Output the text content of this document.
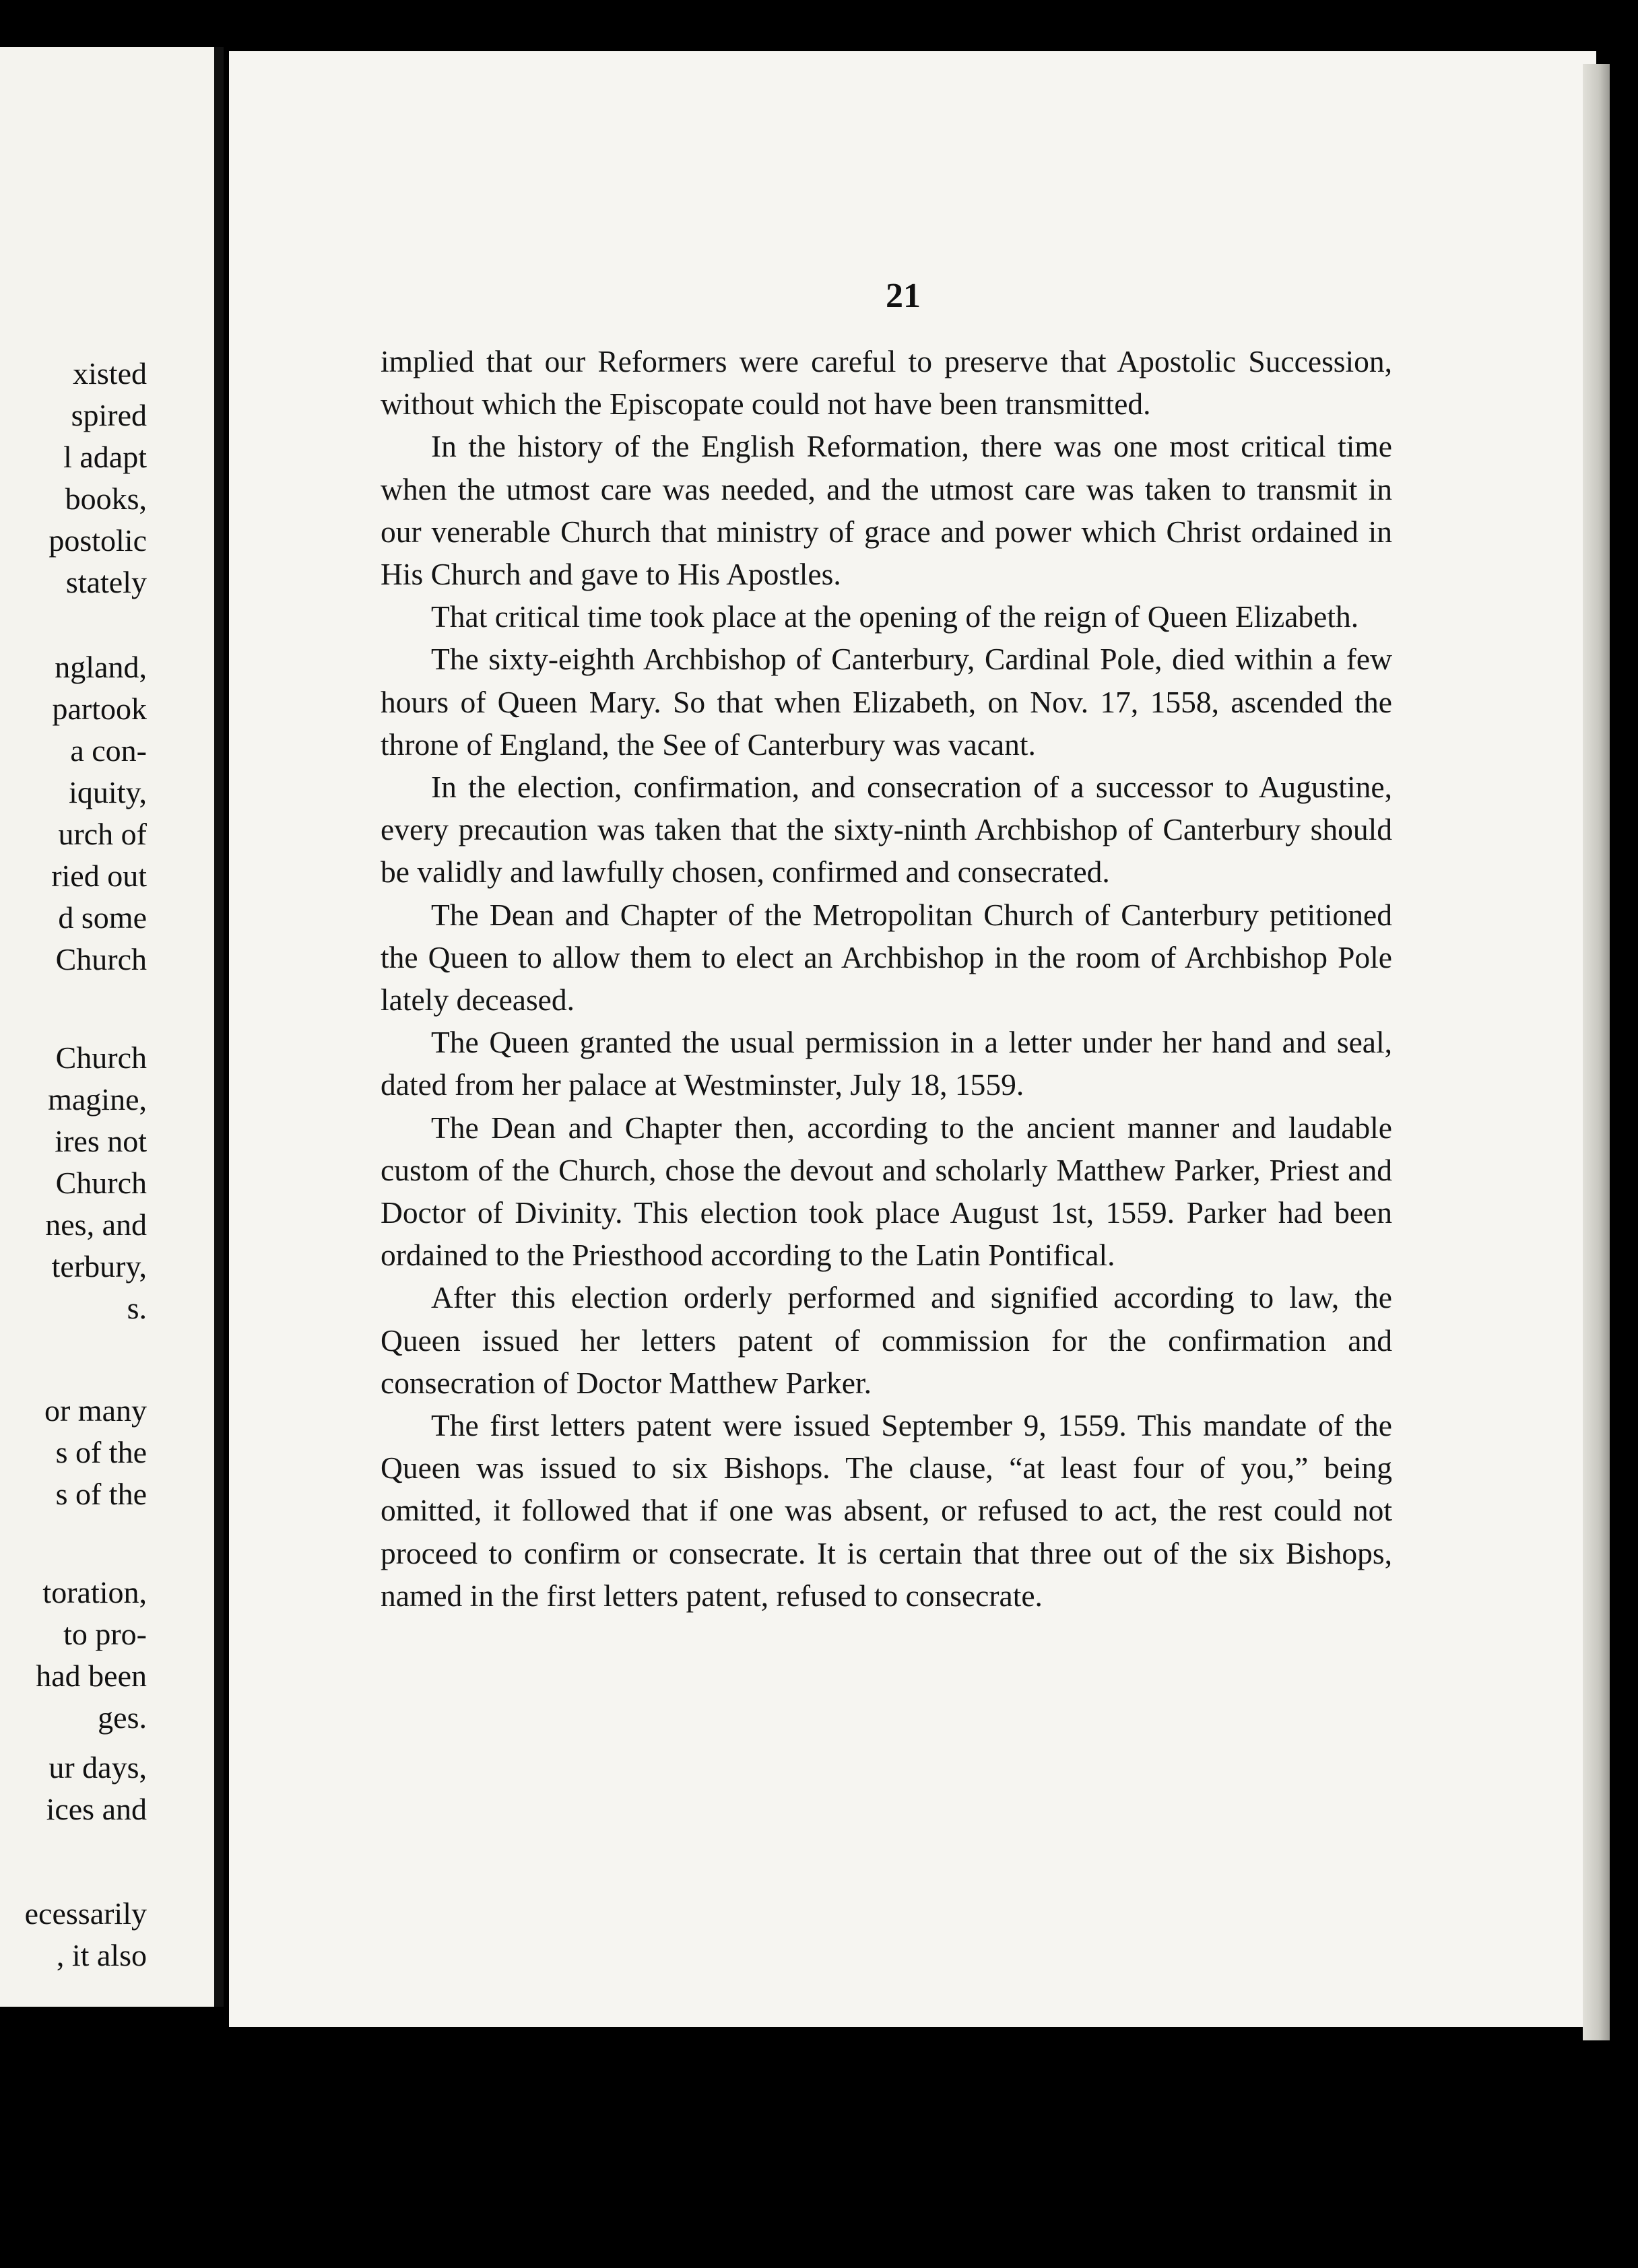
xisted
spired
l adapt
books,
postolic
stately
ngland,
partook
a con-
iquity,
urch of
ried out
d some
Church
Church
magine,
ires not
Church
nes, and
terbury,
s.
or many
s of the
s of the
toration,
to pro-
had been
ges.
ur days,
ices and
ecessarily
, it also
21

implied that our Reformers were careful to preserve that Apostolic Succession, without which the Episcopate could not have been transmitted.

In the history of the English Reformation, there was one most critical time when the utmost care was needed, and the utmost care was taken to transmit in our venerable Church that ministry of grace and power which Christ ordained in His Church and gave to His Apostles.

That critical time took place at the opening of the reign of Queen Elizabeth.

The sixty-eighth Archbishop of Canterbury, Cardinal Pole, died within a few hours of Queen Mary. So that when Elizabeth, on Nov. 17, 1558, ascended the throne of England, the See of Canterbury was vacant.

In the election, confirmation, and consecration of a successor to Augustine, every precaution was taken that the sixty-ninth Archbishop of Canterbury should be validly and lawfully chosen, confirmed and consecrated.

The Dean and Chapter of the Metropolitan Church of Canterbury petitioned the Queen to allow them to elect an Archbishop in the room of Archbishop Pole lately deceased.

The Queen granted the usual permission in a letter under her hand and seal, dated from her palace at Westminster, July 18, 1559.

The Dean and Chapter then, according to the ancient manner and laudable custom of the Church, chose the devout and scholarly Matthew Parker, Priest and Doctor of Divinity. This election took place August 1st, 1559. Parker had been ordained to the Priesthood according to the Latin Pontifical.

After this election orderly performed and signified according to law, the Queen issued her letters patent of commission for the confirmation and consecration of Doctor Matthew Parker.

The first letters patent were issued September 9, 1559. This mandate of the Queen was issued to six Bishops. The clause, “at least four of you,” being omitted, it followed that if one was absent, or refused to act, the rest could not proceed to confirm or consecrate. It is certain that three out of the six Bishops, named in the first letters patent, refused to consecrate.
